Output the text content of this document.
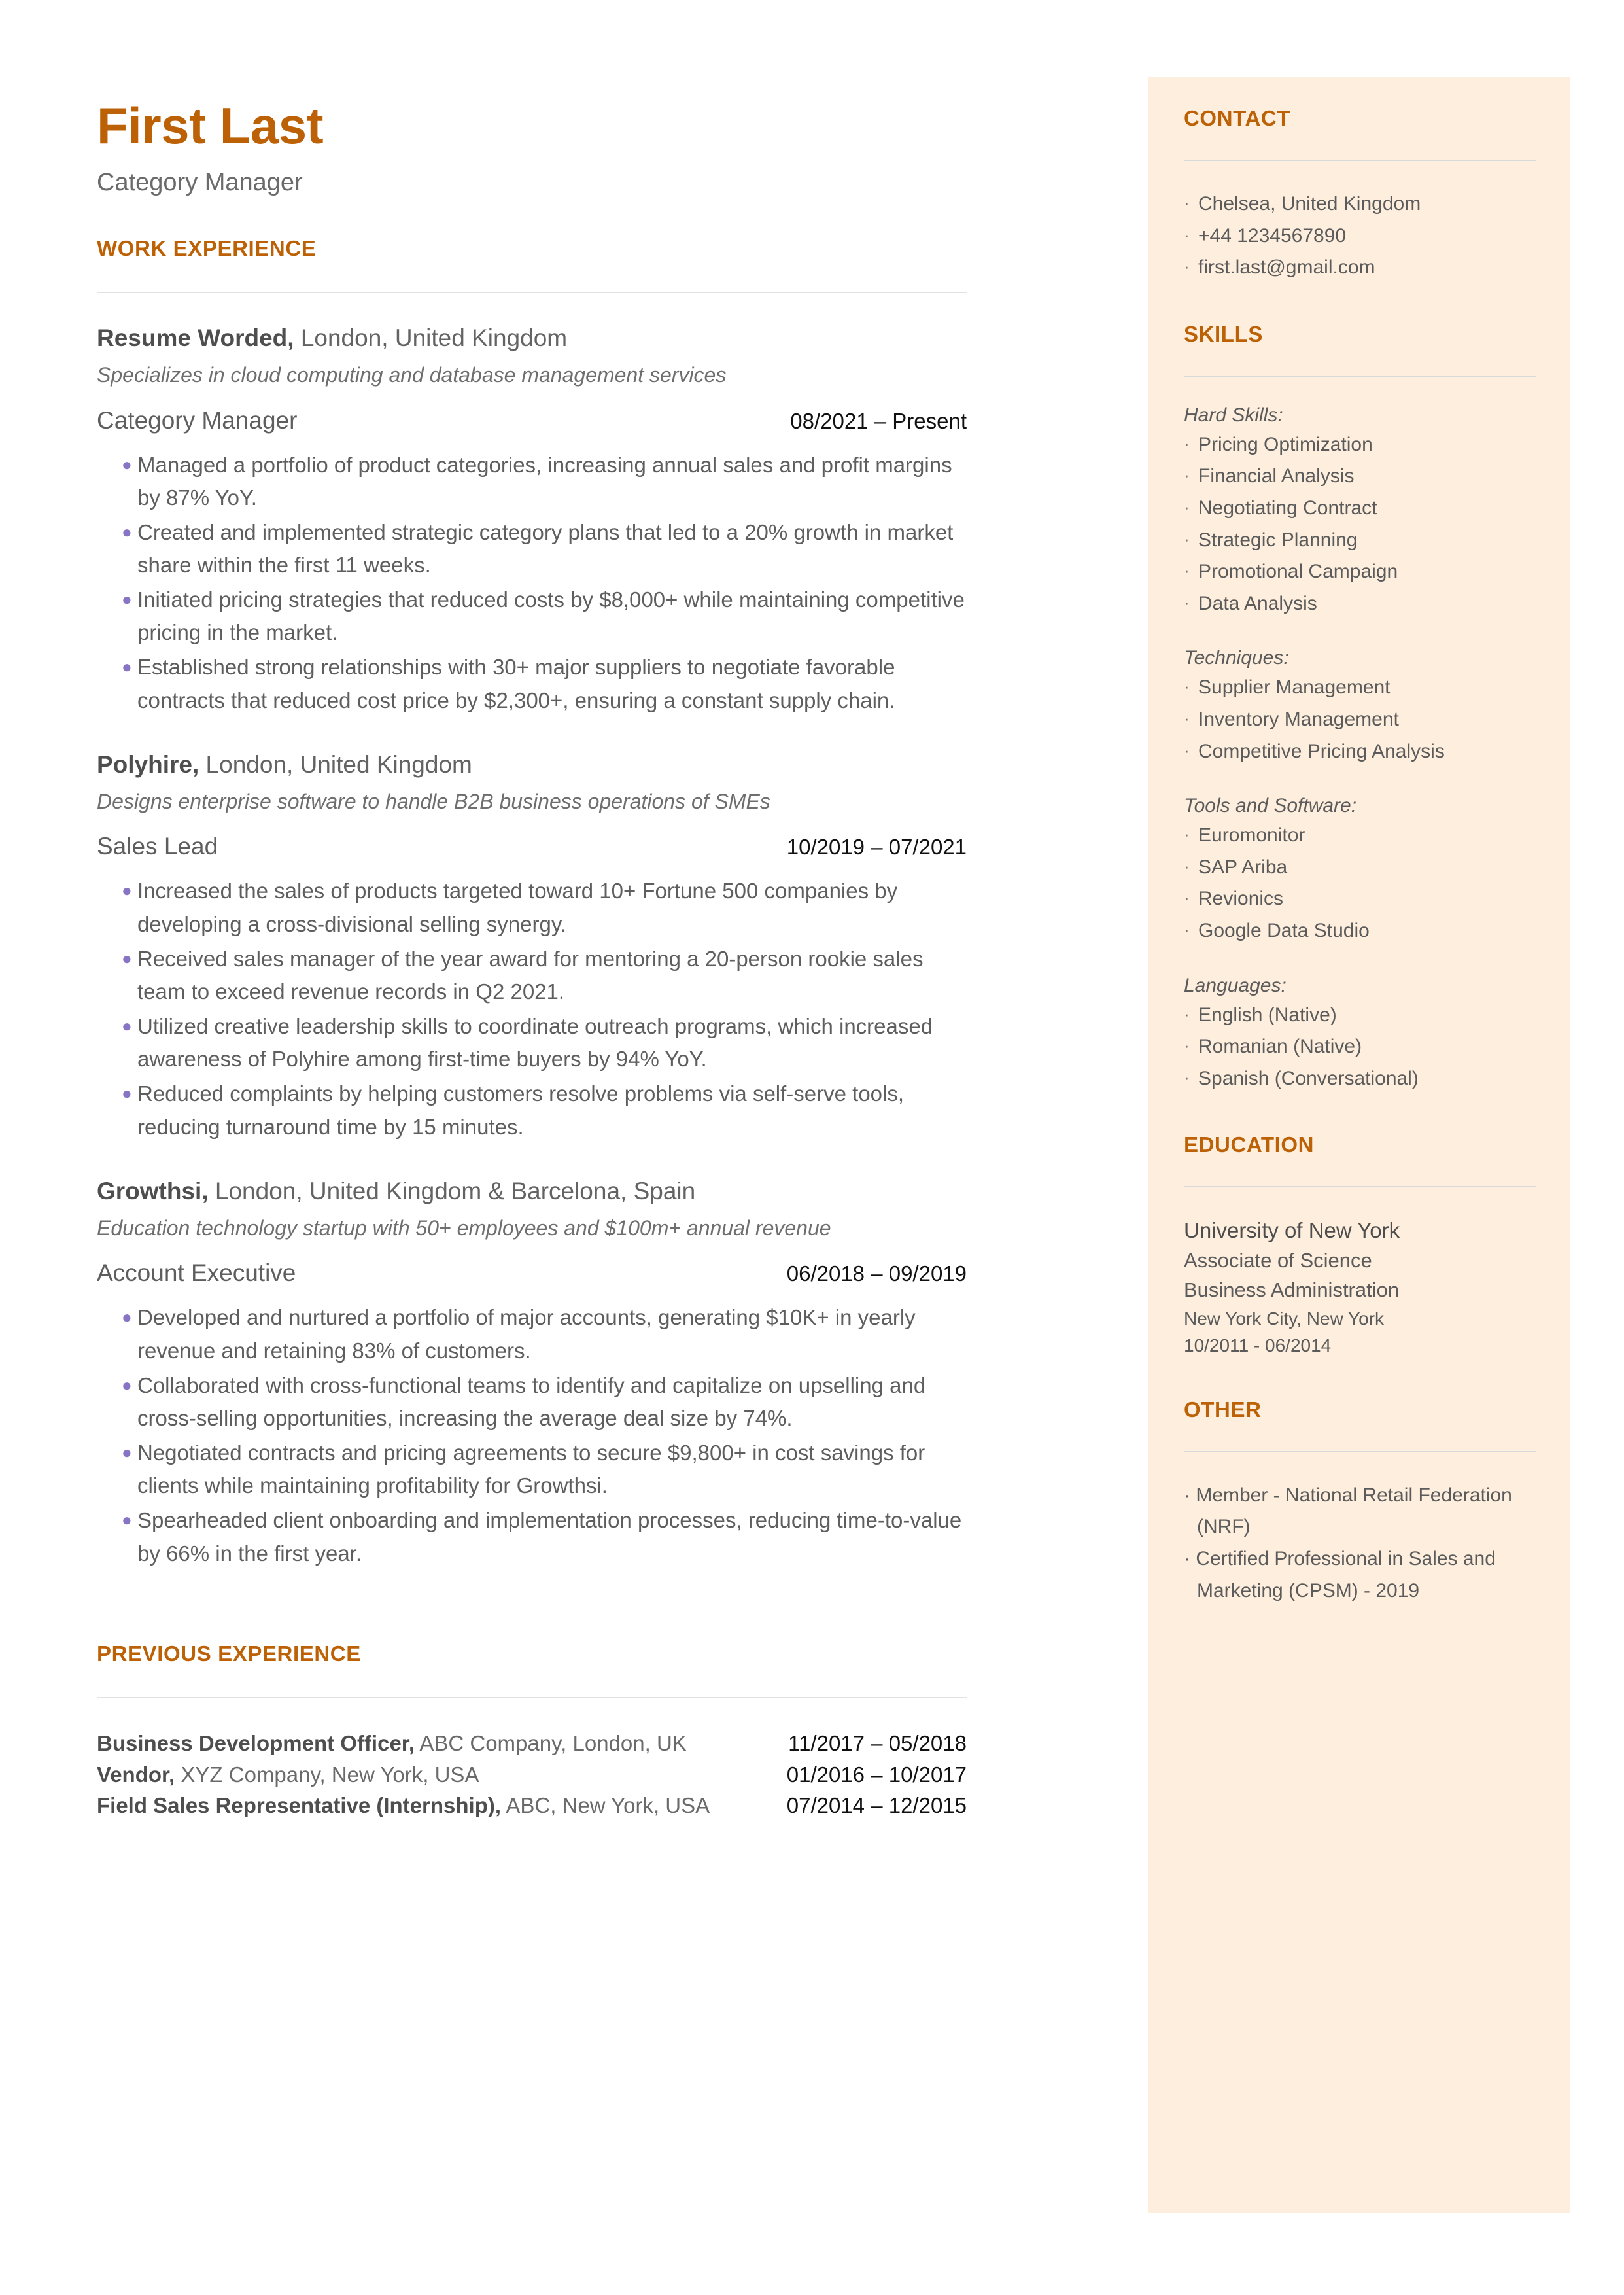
CONTACT
· Chelsea, United Kingdom
· +44 1234567890
· first.last@gmail.com
SKILLS
Hard Skills:
· Pricing Optimization
· Financial Analysis
· Negotiating Contract
· Strategic Planning
· Promotional Campaign
· Data Analysis
Techniques:
· Supplier Management
· Inventory Management
· Competitive Pricing Analysis
Tools and Software:
· Euromonitor
· SAP Ariba
· Revionics
· Google Data Studio
Languages:
· English (Native)
· Romanian (Native)
· Spanish (Conversational)
EDUCATION
University of New York
Associate of Science
Business Administration
New York City, New York
10/2011 - 06/2014
OTHER
· Member - National Retail Federation (NRF)
· Certified Professional in Sales and Marketing (CPSM) - 2019
First Last
Category Manager
WORK EXPERIENCE
Resume Worded, London, United Kingdom
Specializes in cloud computing and database management services
Category Manager	08/2021 – Present
● Managed a portfolio of product categories, increasing annual sales and profit margins by 87% YoY.
● Created and implemented strategic category plans that led to a 20% growth in market share within the first 11 weeks.
● Initiated pricing strategies that reduced costs by $8,000+ while maintaining competitive pricing in the market.
● Established strong relationships with 30+ major suppliers to negotiate favorable contracts that reduced cost price by $2,300+, ensuring a constant supply chain.
Polyhire, London, United Kingdom
Designs enterprise software to handle B2B business operations of SMEs
Sales Lead	10/2019 – 07/2021
● Increased the sales of products targeted toward 10+ Fortune 500 companies by developing a cross-divisional selling synergy.
● Received sales manager of the year award for mentoring a 20-person rookie sales team to exceed revenue records in Q2 2021.
● Utilized creative leadership skills to coordinate outreach programs, which increased awareness of Polyhire among first-time buyers by 94% YoY.
● Reduced complaints by helping customers resolve problems via self-serve tools, reducing turnaround time by 15 minutes.
Growthsi, London, United Kingdom & Barcelona, Spain
Education technology startup with 50+ employees and $100m+ annual revenue
Account Executive	06/2018 – 09/2019
● Developed and nurtured a portfolio of major accounts, generating $10K+ in yearly revenue and retaining 83% of customers.
● Collaborated with cross-functional teams to identify and capitalize on upselling and cross-selling opportunities, increasing the average deal size by 74%.
● Negotiated contracts and pricing agreements to secure $9,800+ in cost savings for clients while maintaining profitability for Growthsi.
● Spearheaded client onboarding and implementation processes, reducing time-to-value by 66% in the first year.
PREVIOUS EXPERIENCE
Business Development Officer, ABC Company, London, UK	11/2017 – 05/2018
Vendor, XYZ Company, New York, USA	01/2016 – 10/2017
Field Sales Representative (Internship), ABC, New York, USA	07/2014 – 12/2015
